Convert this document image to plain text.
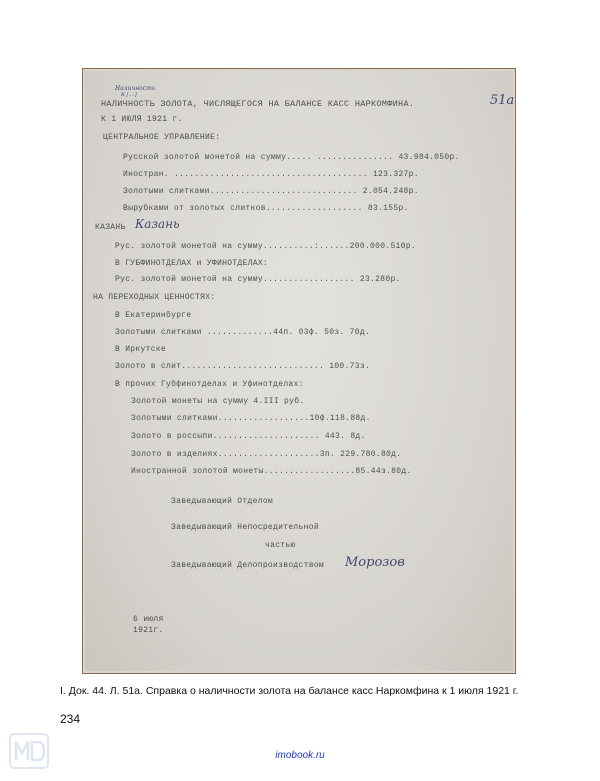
Наличность
К [....]	51а
НАЛИЧНОСТЬ ЗОЛОТА, ЧИСЛЯЩЕГОСЯ НА БАЛАНСЕ КАСС НАРКОМФИНА.
К 1 ИЮЛЯ 1921 г.
ЦЕНТРАЛЬНОЕ УПРАВЛЕНИЕ:
Русской золотой монетой на сумму..... ............... 43.984.050р.
Иностран. ...................................... 123.327р.
Золотыми слитками............................. 2.054.248р.
Вырубками от золотых слитков................... 83.155р.
КАЗАНЬ Казань
Рус. золотой монетой на сумму..........:......200.000.510р.
В ГУБФИНОТДЕЛАХ и УФИНОТДЕЛАХ:
Рус. золотой монетой на сумму.................. 23.280р.
НА ПЕРЕХОДНЫХ ЦЕННОСТЯХ:
В Екатеринбурге
Золотыми слитками .............44п. 03ф. 50з. 70д.
В Иркутске
Золото в слит............................ 100.73з.
В прочих Губфинотделах и Уфинотделах:
Золотой монеты на сумму 4.III руб.
Золотыми слитками..................10ф.118.88д.
Золото в россыпи..................... 443. 8д.
Золото в изделиях....................3п. 229.780.80д.
Иностранной золотой монеты..................85.44з.80д.
Заведывающий Отделом
Заведывающий Непосредительной
частью
Заведывающий Делопроизводством Морозов
6 июля
1921г.
I. Док. 44. Л. 51а. Справка о наличности золота на балансе касс Наркомфина к 1 июля 1921 г.
234
imobook.ru
